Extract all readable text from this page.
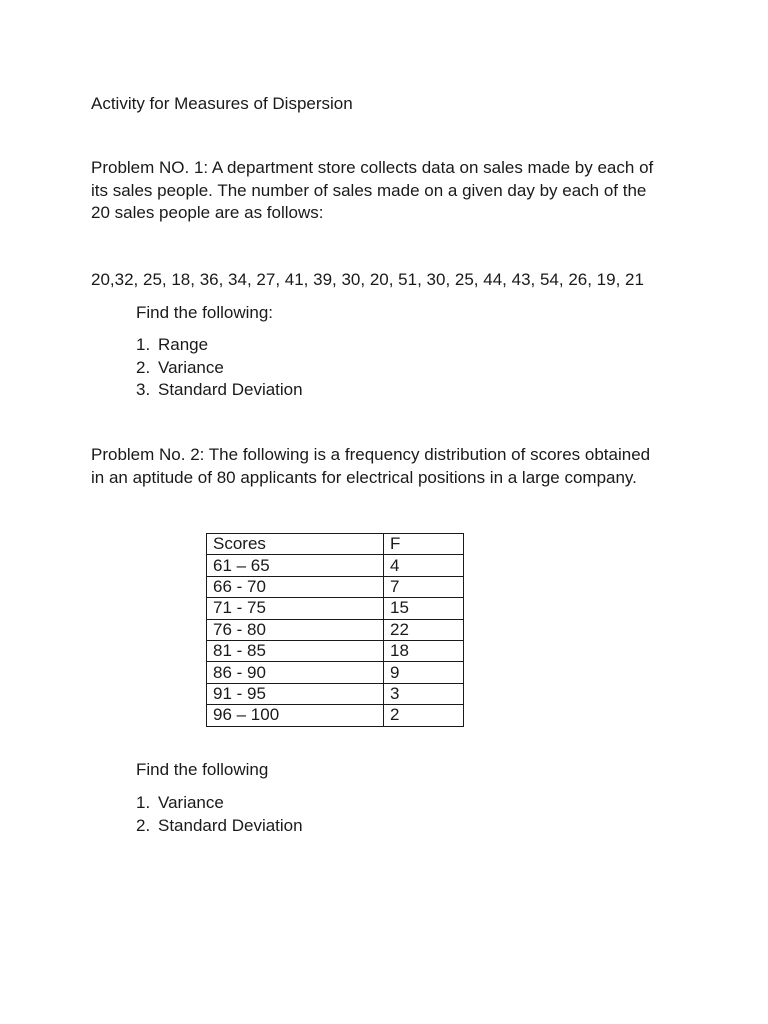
Activity for Measures of Dispersion
Problem NO. 1: A department store collects data on sales made by each of
its sales people. The number of sales made on a given day by each of the
20 sales people are as follows:
20,32, 25, 18, 36, 34, 27, 41, 39, 30, 20, 51, 30, 25, 44, 43, 54, 26, 19, 21
Find the following:
1. Range
2. Variance
3. Standard Deviation
Problem No. 2: The following is a frequency distribution of scores obtained
in an aptitude of 80 applicants for electrical positions in a large company.
Scores	F
61 – 65	4
66 - 70	7
71 - 75	15
76 - 80	22
81 - 85	18
86 - 90	9
91 - 95	3
96 – 100	2
Find the following
1. Variance
2. Standard Deviation
